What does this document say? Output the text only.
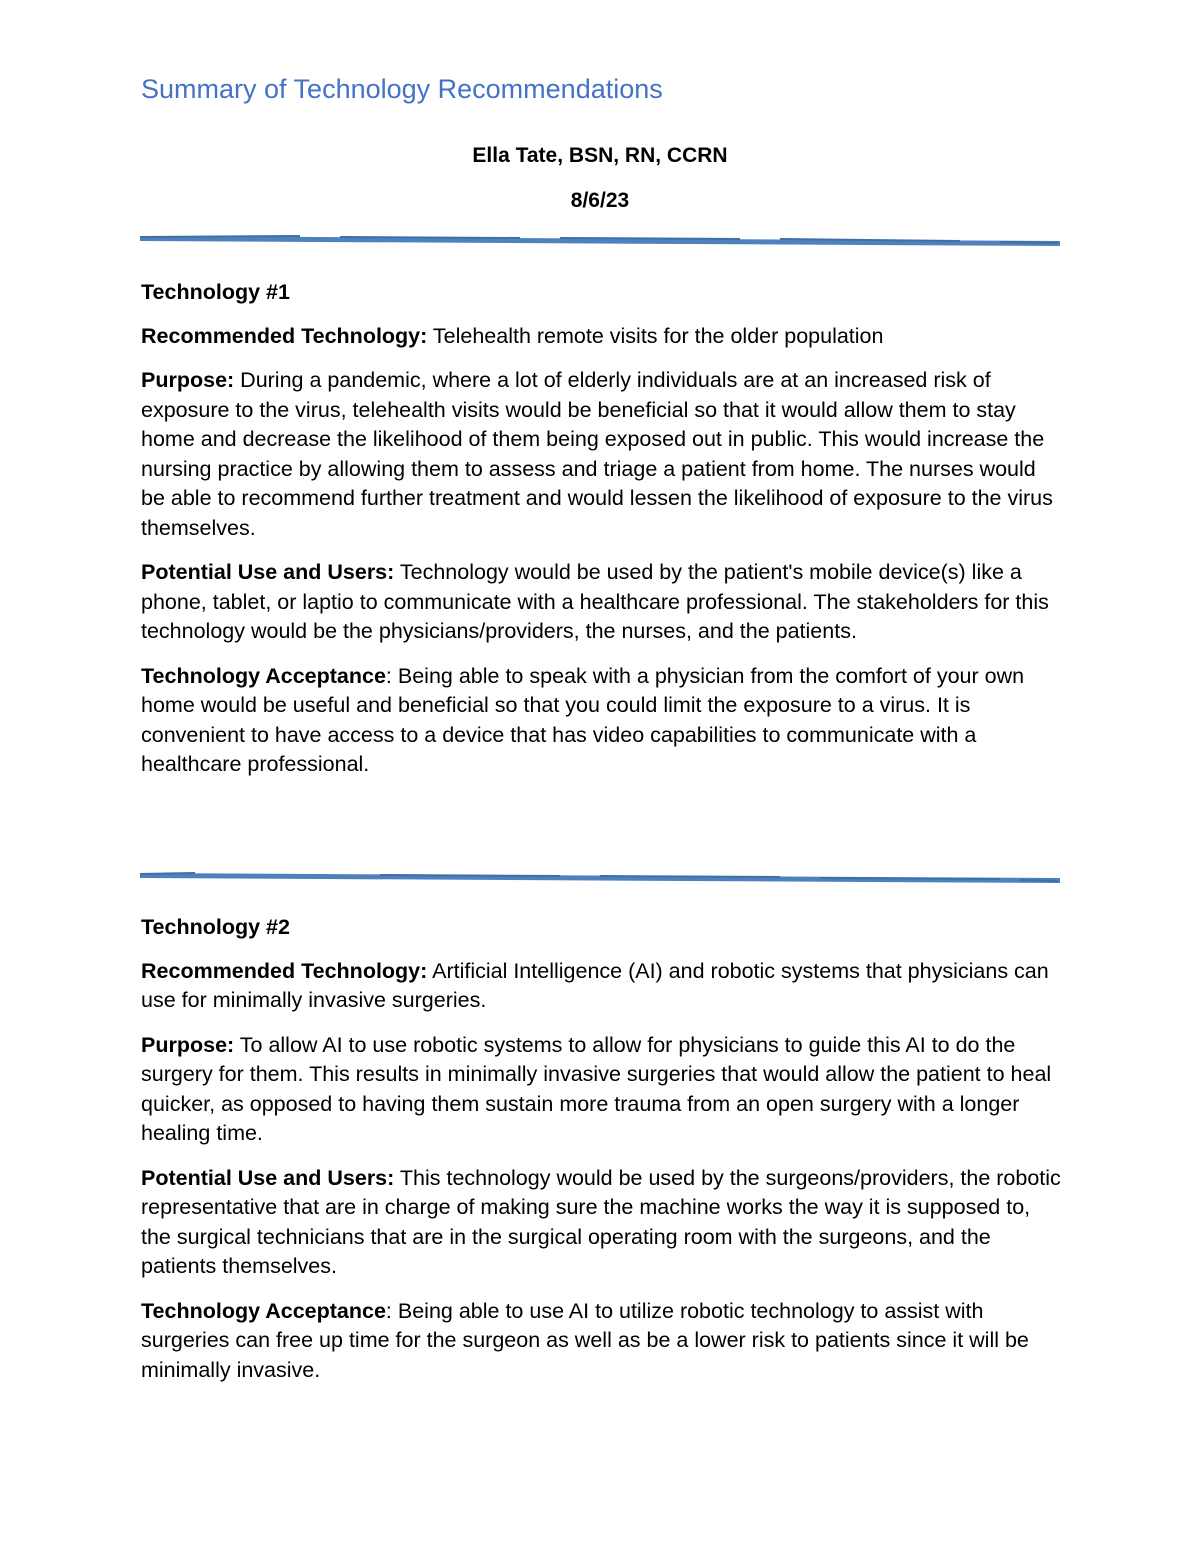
Summary of Technology Recommendations
Ella Tate, BSN, RN, CCRN
8/6/23
Technology #1

Recommended Technology: Telehealth remote visits for the older population

Purpose: During a pandemic, where a lot of elderly individuals are at an increased risk of exposure to the virus, telehealth visits would be beneficial so that it would allow them to stay home and decrease the likelihood of them being exposed out in public. This would increase the nursing practice by allowing them to assess and triage a patient from home. The nurses would be able to recommend further treatment and would lessen the likelihood of exposure to the virus themselves.

Potential Use and Users: Technology would be used by the patient's mobile device(s) like a phone, tablet, or laptio to communicate with a healthcare professional. The stakeholders for this technology would be the physicians/providers, the nurses, and the patients.

Technology Acceptance: Being able to speak with a physician from the comfort of your own home would be useful and beneficial so that you could limit the exposure to a virus. It is convenient to have access to a device that has video capabilities to communicate with a healthcare professional.

Technology #2

Recommended Technology: Artificial Intelligence (AI) and robotic systems that physicians can use for minimally invasive surgeries.

Purpose: To allow AI to use robotic systems to allow for physicians to guide this AI to do the surgery for them. This results in minimally invasive surgeries that would allow the patient to heal quicker, as opposed to having them sustain more trauma from an open surgery with a longer healing time.

Potential Use and Users: This technology would be used by the surgeons/providers, the robotic representative that are in charge of making sure the machine works the way it is supposed to, the surgical technicians that are in the surgical operating room with the surgeons, and the patients themselves.

Technology Acceptance: Being able to use AI to utilize robotic technology to assist with surgeries can free up time for the surgeon as well as be a lower risk to patients since it will be minimally invasive.
